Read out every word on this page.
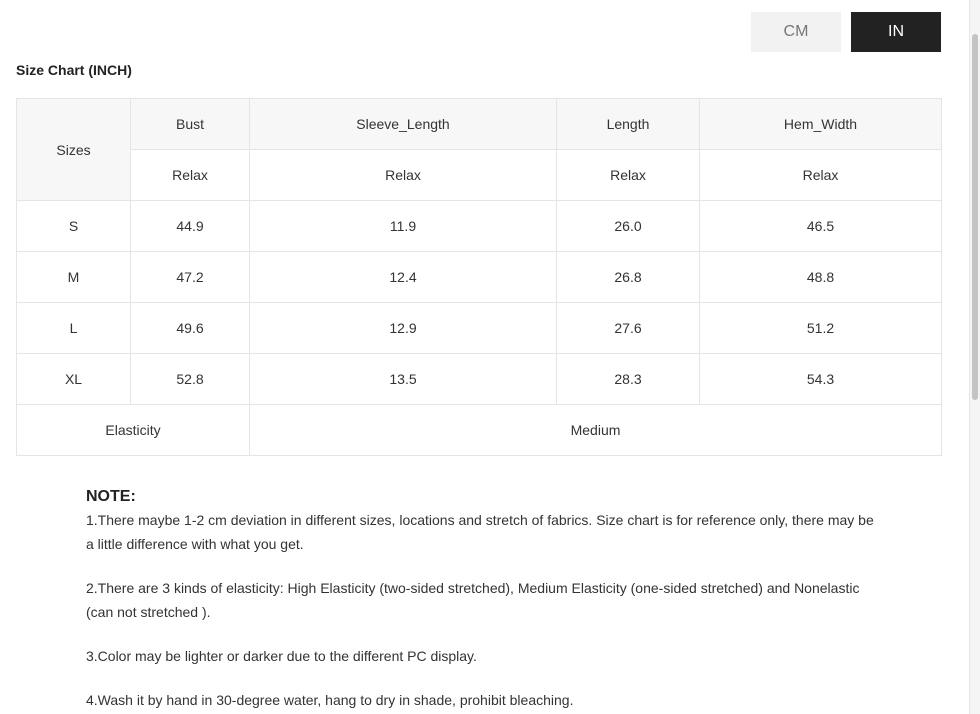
CM	IN
Size Chart (INCH)
Sizes	Bust	Sleeve_Length	Length	Hem_Width
	Relax	Relax	Relax	Relax
S	44.9	11.9	26.0	46.5
M	47.2	12.4	26.8	48.8
L	49.6	12.9	27.6	51.2
XL	52.8	13.5	28.3	54.3
Elasticity		Medium		
NOTE:

1.There maybe 1-2 cm deviation in different sizes, locations and stretch of fabrics. Size chart is for reference only, there may be a little difference with what you get.

2.There are 3 kinds of elasticity: High Elasticity (two-sided stretched), Medium Elasticity (one-sided stretched) and Nonelastic (can not stretched ).

3.Color may be lighter or darker due to the different PC display.

4.Wash it by hand in 30-degree water, hang to dry in shade, prohibit bleaching.
